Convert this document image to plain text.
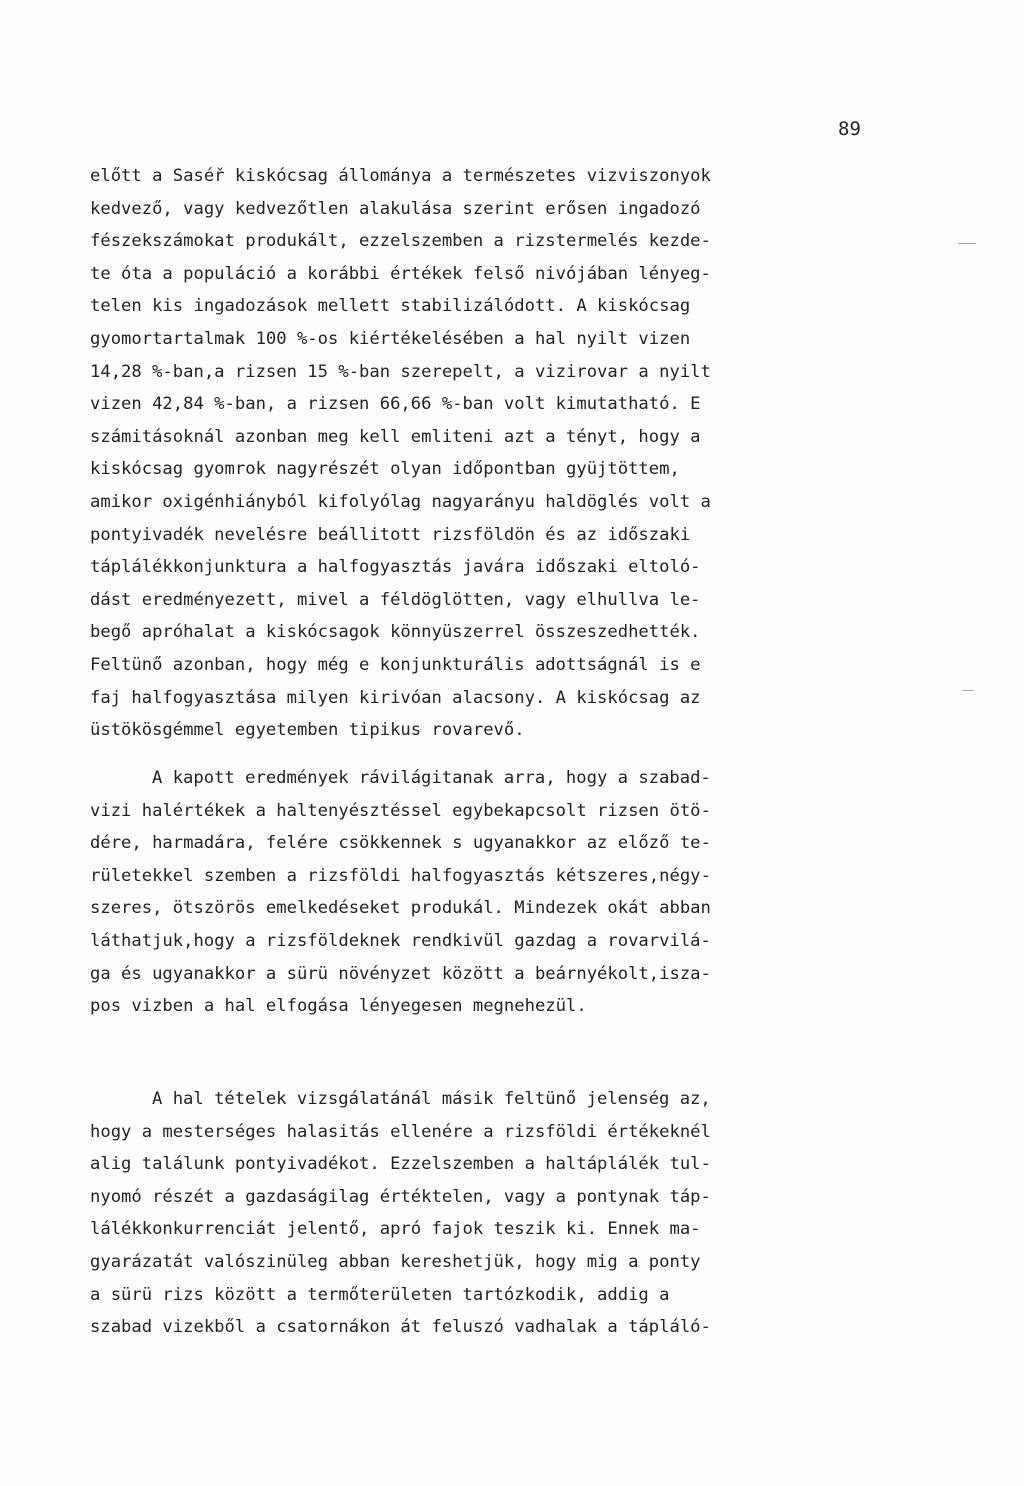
89
előtt a Saséř kiskócsag állománya a természetes vizviszonyok
kedvező, vagy kedvezőtlen alakulása szerint erősen ingadozó
fészekszámokat produkált, ezzelszemben a rizstermelés kezde-
te óta a populáció a korábbi értékek felső nivójában lényeg-
telen kis ingadozások mellett stabilizálódott. A kiskócsag
gyomortartalmak 100 %-os kiértékelésében a hal nyilt vizen
14,28 %-ban,a rizsen 15 %-ban szerepelt, a vizirovar a nyilt
vizen 42,84 %-ban, a rizsen 66,66 %-ban volt kimutatható. E
számitásoknál azonban meg kell emliteni azt a tényt, hogy a
kiskócsag gyomrok nagyrészét olyan időpontban gyüjtöttem,
amikor oxigénhiányból kifolyólag nagyarányu haldöglés volt a
pontyivadék nevelésre beállitott rizsföldön és az időszaki
táplálékkonjunktura a halfogyasztás javára időszaki eltoló-
dást eredményezett, mivel a féldöglötten, vagy elhullva le-
begő apróhalat a kiskócsagok könnyüszerrel összeszedhették.
Feltünő azonban, hogy még e konjunkturális adottságnál is e
faj halfogyasztása milyen kirivóan alacsony. A kiskócsag az
üstökösgémmel egyetemben tipikus rovarevő.
A kapott eredmények rávilágitanak arra, hogy a szabad-
vizi halértékek a haltenyésztéssel egybekapcsolt rizsen ötö-
dére, harmadára, felére csökkennek s ugyanakkor az előző te-
rületekkel szemben a rizsföldi halfogyasztás kétszeres,négy-
szeres, ötszörös emelkedéseket produkál. Mindezek okát abban
láthatjuk,hogy a rizsföldeknek rendkivül gazdag a rovarvilá-
ga és ugyanakkor a sürü növényzet között a beárnyékolt,isza-
pos vizben a hal elfogása lényegesen megnehezül.
A hal tételek vizsgálatánál másik feltünő jelenség az,
hogy a mesterséges halasitás ellenére a rizsföldi értékeknél
alig találunk pontyivadékot. Ezzelszemben a haltáplálék tul-
nyomó részét a gazdaságilag értéktelen, vagy a pontynak táp-
lálékkonkurrenciát jelentő, apró fajok teszik ki. Ennek ma-
gyarázatát valószinüleg abban kereshetjük, hogy mig a ponty
a sürü rizs között a termőterületen tartózkodik, addig a
szabad vizekből a csatornákon át feluszó vadhalak a tápláló-
